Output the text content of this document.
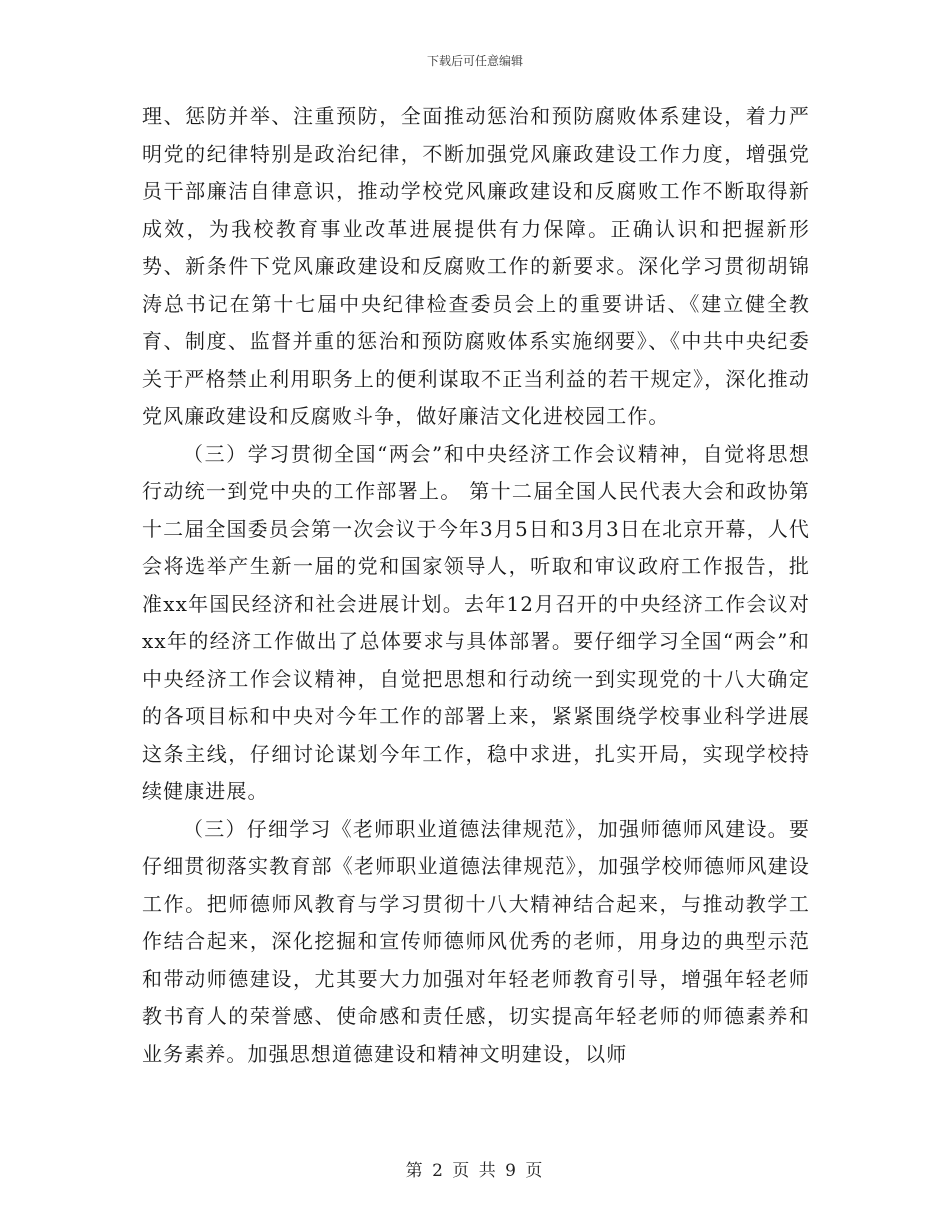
下载后可任意编辑

理、惩防并举、注重预防，全面推动惩治和预防腐败体系建设，着力严明党的纪律特别是政治纪律，不断加强党风廉政建设工作力度，增强党员干部廉洁自律意识，推动学校党风廉政建设和反腐败工作不断取得新成效，为我校教育事业改革进展提供有力保障。正确认识和把握新形势、新条件下党风廉政建设和反腐败工作的新要求。深化学习贯彻胡锦涛总书记在第十七届中央纪律检查委员会上的重要讲话、《建立健全教育、制度、监督并重的惩治和预防腐败体系实施纲要》、《中共中央纪委关于严格禁止利用职务上的便利谋取不正当利益的若干规定》，深化推动党风廉政建设和反腐败斗争，做好廉洁文化进校园工作。

（三）学习贯彻全国“两会”和中央经济工作会议精神，自觉将思想行动统一到党中央的工作部署上。 第十二届全国人民代表大会和政协第十二届全国委员会第一次会议于今年3月5日和3月3日在北京开幕，人代会将选举产生新一届的党和国家领导人，听取和审议政府工作报告，批准xx年国民经济和社会进展计划。去年12月召开的中央经济工作会议对xx年的经济工作做出了总体要求与具体部署。要仔细学习全国“两会”和中央经济工作会议精神，自觉把思想和行动统一到实现党的十八大确定的各项目标和中央对今年工作的部署上来，紧紧围绕学校事业科学进展这条主线，仔细讨论谋划今年工作，稳中求进，扎实开局，实现学校持续健康进展。

（三）仔细学习《老师职业道德法律规范》，加强师德师风建设。要仔细贯彻落实教育部《老师职业道德法律规范》，加强学校师德师风建设工作。把师德师风教育与学习贯彻十八大精神结合起来，与推动教学工作结合起来，深化挖掘和宣传师德师风优秀的老师，用身边的典型示范和带动师德建设，尤其要大力加强对年轻老师教育引导，增强年轻老师教书育人的荣誉感、使命感和责任感，切实提高年轻老师的师德素养和业务素养。加强思想道德建设和精神文明建设，以师

第 2 页 共 9 页
